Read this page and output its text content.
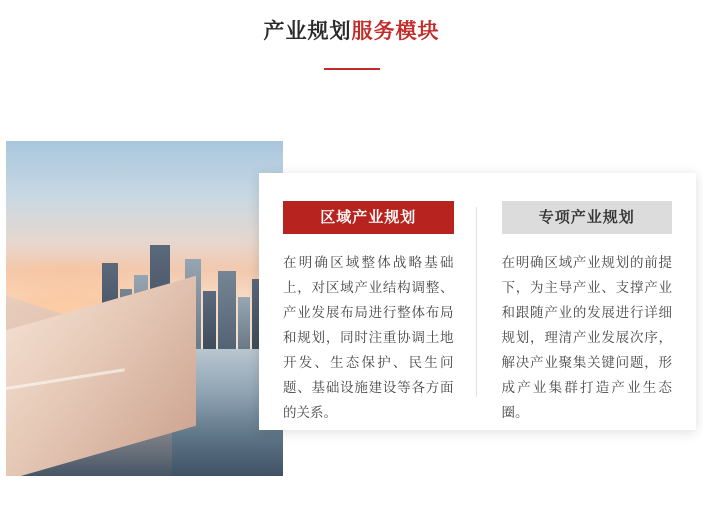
产业规划服务模块
区域产业规划
在明确区域整体战略基础上，对区域产业结构调整、产业发展布局进行整体布局和规划，同时注重协调土地开发、生态保护、民生问题、基础设施建设等各方面的关系。
专项产业规划
在明确区域产业规划的前提下，为主导产业、支撑产业和跟随产业的发展进行详细规划，理清产业发展次序，解决产业聚集关键问题，形成产业集群打造产业生态圈。
